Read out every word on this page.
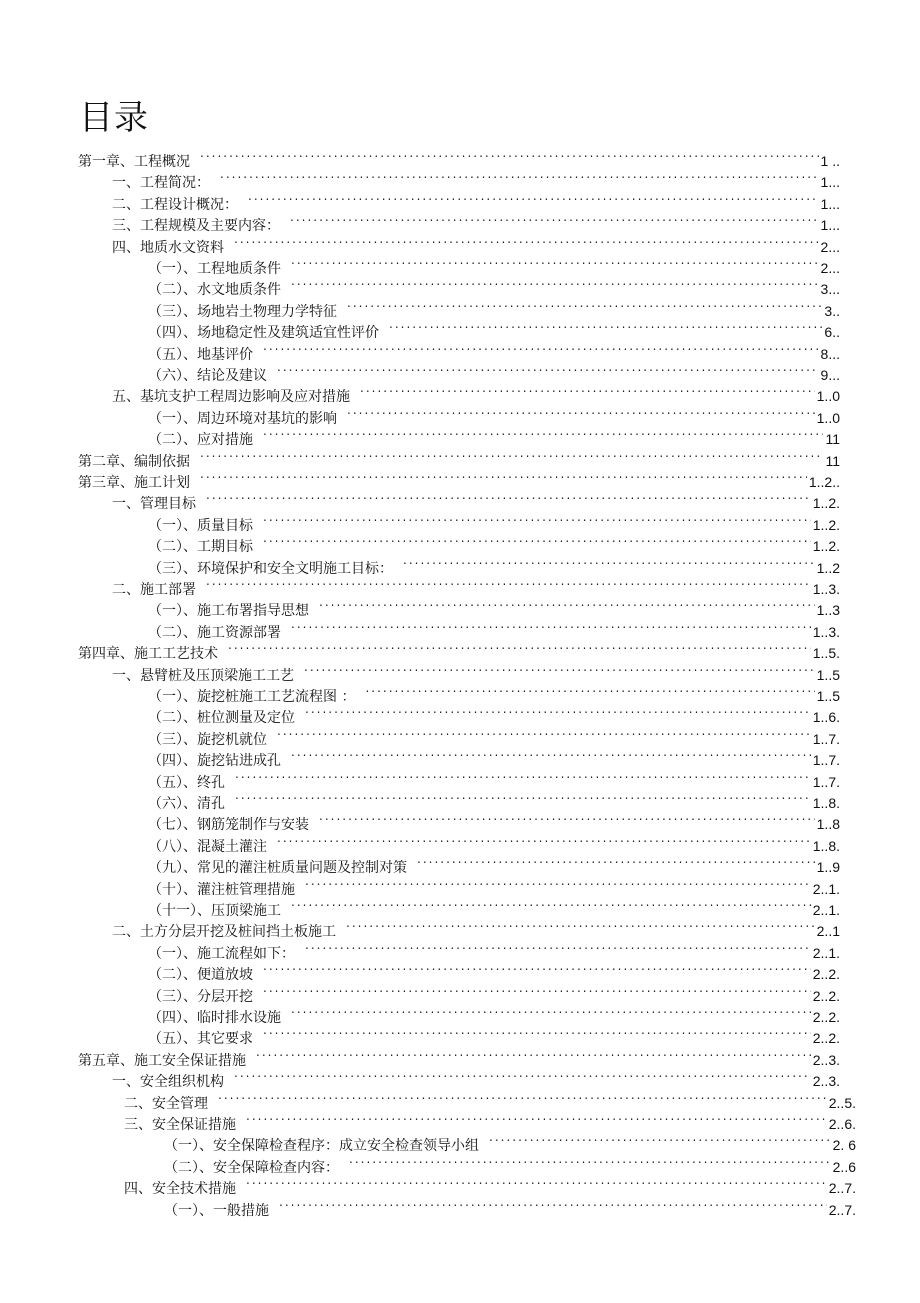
目录
第一章、工程概况 .....	1 ..
一、工程简况： .....	1...
二、工程设计概况： .....	1...
三、工程规模及主要内容： .....	1...
四、地质水文资料 .....	2...
（一）、工程地质条件 .....	2...
（二）、水文地质条件 .....	3...
（三）、场地岩土物理力学特征 .....	3..
（四）、场地稳定性及建筑适宜性评价 .....	6..
（五）、地基评价 .....	8...
（六）、结论及建议 .....	9...
五、基坑支护工程周边影响及应对措施 .....	1..0
（一）、周边环境对基坑的影响 .....	1..0
（二）、应对措施 .....	11
第二章、编制依据 .....	11
第三章、施工计划 .....	1..2..
一、管理目标 .....	1..2.
（一）、质量目标 .....	1..2.
（二）、工期目标 .....	1..2.
（三）、环境保护和安全文明施工目标： .....	1..2
二、施工部署 .....	1..3.
（一）、施工布署指导思想 .....	1..3
（二）、施工资源部署 .....	1..3.
第四章、施工工艺技术 .....	1..5.
一、悬臂桩及压顶梁施工工艺 .....	1..5
（一）、旋挖桩施工工艺流程图 ： .....	1..5
（二）、桩位测量及定位 .....	1..6.
（三）、旋挖机就位 .....	1..7.
（四）、旋挖钻进成孔 .....	1..7.
（五）、终孔 .....	1..7.
（六）、清孔 .....	1..8.
（七）、钢筋笼制作与安装 .....	1..8
（八）、混凝土灌注 .....	1..8.
（九）、常见的灌注桩质量问题及控制对策 .....	1..9
（十）、灌注桩管理措施 .....	2..1.
（十一）、压顶梁施工 .....	2..1.
二、土方分层开挖及桩间挡土板施工 .....	2..1
（一）、施工流程如下： .....	2..1.
（二）、便道放坡 .....	2..2.
（三）、分层开挖 .....	2..2.
（四）、临时排水设施 .....	2..2.
（五）、其它要求 .....	2..2.
第五章、施工安全保证措施 .....	2..3.
一、安全组织机构 .....	2..3.
二、安全管理 .....	2..5.
三、安全保证措施 .....	2..6.
（一）、安全保障检查程序：成立安全检查领导小组 .....	2. 6
（二）、安全保障检查内容： .....	2..6
四、安全技术措施 .....	2..7.
（一）、一般措施 .....	2..7.
